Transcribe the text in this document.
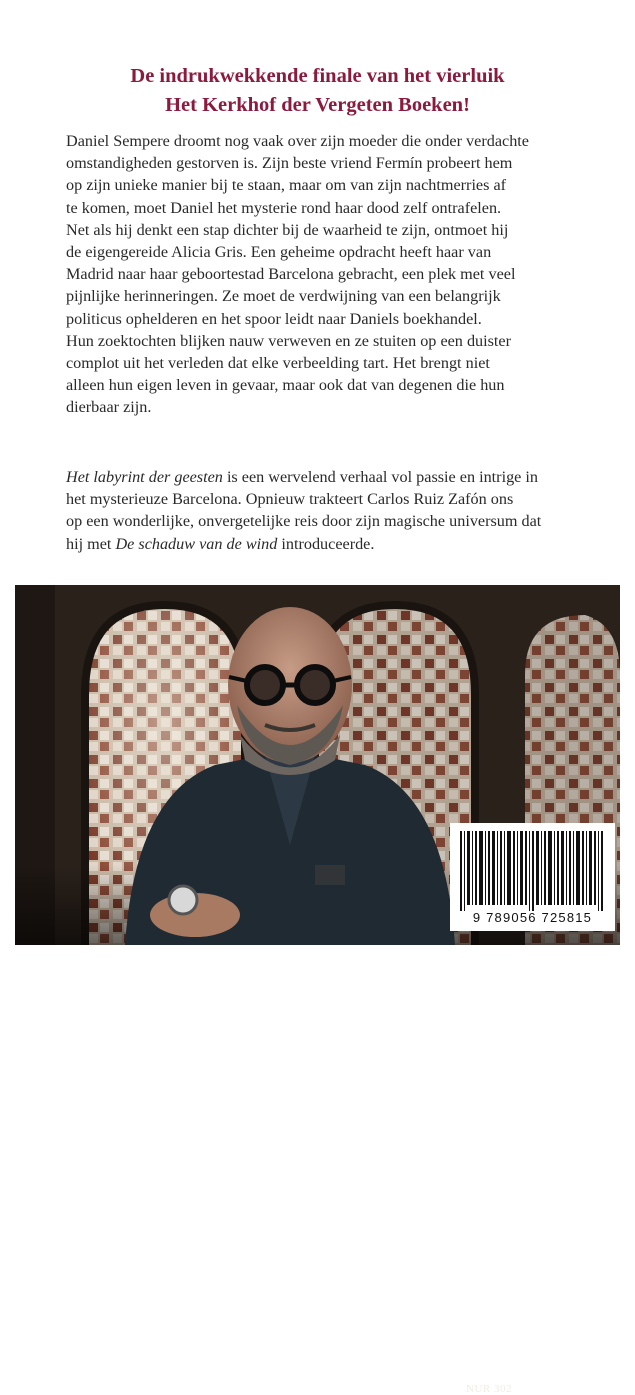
De indrukwekkende finale van het vierluik
Het Kerkhof der Vergeten Boeken!
Daniel Sempere droomt nog vaak over zijn moeder die onder verdachte
omstandigheden gestorven is. Zijn beste vriend Fermín probeert hem
op zijn unieke manier bij te staan, maar om van zijn nachtmerries af
te komen, moet Daniel het mysterie rond haar dood zelf ontrafelen.
Net als hij denkt een stap dichter bij de waarheid te zijn, ontmoet hij
de eigengereide Alicia Gris. Een geheime opdracht heeft haar van
Madrid naar haar geboortestad Barcelona gebracht, een plek met veel
pijnlijke herinneringen. Ze moet de verdwijning van een belangrijk
politicus ophelderen en het spoor leidt naar Daniels boekhandel.
Hun zoektochten blijken nauw verweven en ze stuiten op een duister
complot uit het verleden dat elke verbeelding tart. Het brengt niet
alleen hun eigen leven in gevaar, maar ook dat van degenen die hun
dierbaar zijn.
Het labyrint der geesten is een wervelend verhaal vol passie en intrige in
het mysterieuze Barcelona. Opnieuw trakteert Carlos Ruiz Zafón ons
op een wonderlijke, onvergetelijke reis door zijn magische universum dat
hij met De schaduw van de wind introduceerde.
NUR 302
9 789056 725815
